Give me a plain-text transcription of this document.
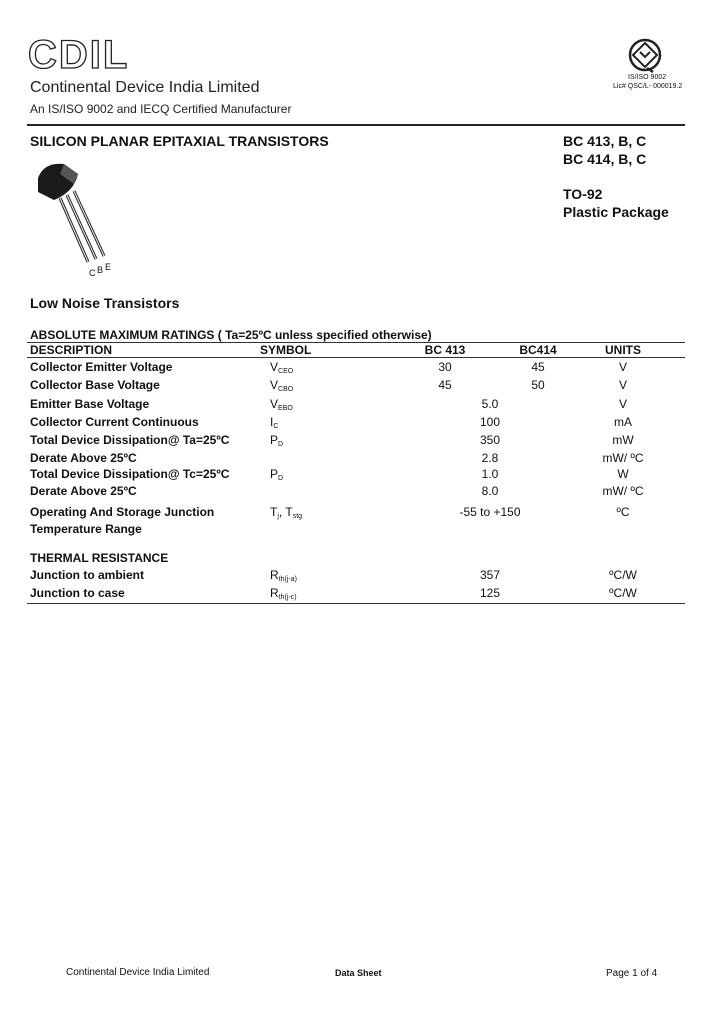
CDIL
Continental Device India Limited
An IS/ISO 9002 and IECQ Certified Manufacturer
IS/ISO 9002
Lic# QSC/L- 000019.2
SILICON PLANAR EPITAXIAL TRANSISTORS	BC 413, B, C
BC 414, B, C
TO-92
Plastic Package
C B E
Low Noise Transistors
ABSOLUTE MAXIMUM RATINGS ( Ta=25ºC unless specified otherwise)
DESCRIPTION	SYMBOL	BC 413	BC414	UNITS
Collector Emitter Voltage	$V_{CEO}$	30	45	V
Collector Base Voltage	$V_{CBO}$	45	50	V
Emitter Base Voltage	$V_{EBO}$	5.0	V
Collector Current Continuous	$I_C$	100	mA
Total Device Dissipation@ Ta=25ºC	$P_D$	350	mW
Derate Above 25ºC	2.8	mW/ ºC
Total Device Dissipation@ Tc=25ºC	$P_D$	1.0	W
Derate Above 25ºC	8.0	mW/ ºC
Operating And Storage Junction
Temperature Range
$T_j$, $T_{stg}$	-55 to +150	ºC
THERMAL RESISTANCE
Junction to ambient	$R_{th(j-a)}$	357	ºC/W
Junction to case	$R_{th(j-c)}$	125	ºC/W
Continental Device India Limited	Data Sheet	Page 1 of 4
